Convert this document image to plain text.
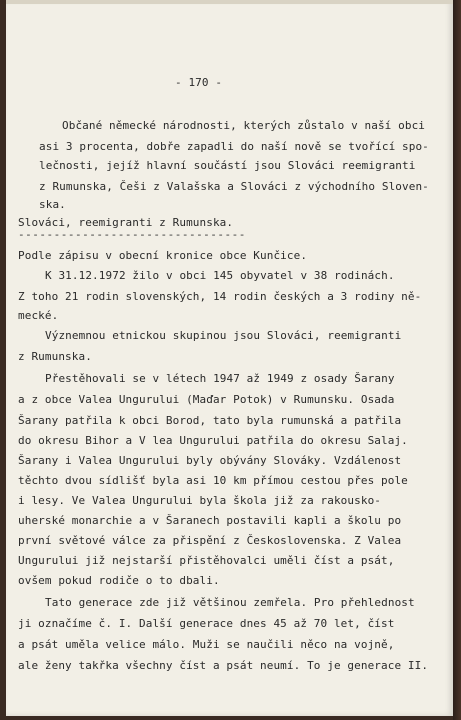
- 170 -
Občané německé národnosti, kterých zůstalo v naší obci
asi 3 procenta, dobře zapadli do naší nově se tvořící spo-
lečnosti, jejíž hlavní součástí jsou Slováci reemigranti
z Rumunska, Češi z Valašska a Slováci z východního Sloven-
ska.
Slováci, reemigranti z Rumunska.
--------------------------------
Podle zápisu v obecní kronice obce Kunčice.
K 31.12.1972 žilo v obci 145 obyvatel v 38 rodinách.
Z toho 21 rodin slovenských, 14 rodin českých a 3 rodiny ně-
mecké.
Význemnou etnickou skupinou jsou Slováci, reemigranti
z Rumunska.
Přestěhovali se v létech 1947 až 1949 z osady Šarany
a z obce Valea Ungurului (Maďar Potok) v Rumunsku. Osada
Šarany patřila k obci Borod, tato byla rumunská a patřila
do okresu Bihor a V lea Ungurului patřila do okresu Salaj.
Šarany i Valea Ungurului byly obývány Slováky. Vzdálenost
těchto dvou sídlišť byla asi 10 km přímou cestou přes pole
i lesy. Ve Valea Ungurului byla škola již za rakousko-
uherské monarchie a v Šaranech postavili kapli a školu po
první světové válce za přispění z Československa. Z Valea
Ungurului již nejstarší přistěhovalci uměli číst a psát,
ovšem pokud rodiče o to dbali.
Tato generace zde již většinou zemřela. Pro přehlednost
ji označíme č. I. Další generace dnes 45 až 70 let, číst
a psát uměla velice málo. Muži se naučili něco na vojně,
ale ženy takřka všechny číst a psát neumí. To je generace II.
